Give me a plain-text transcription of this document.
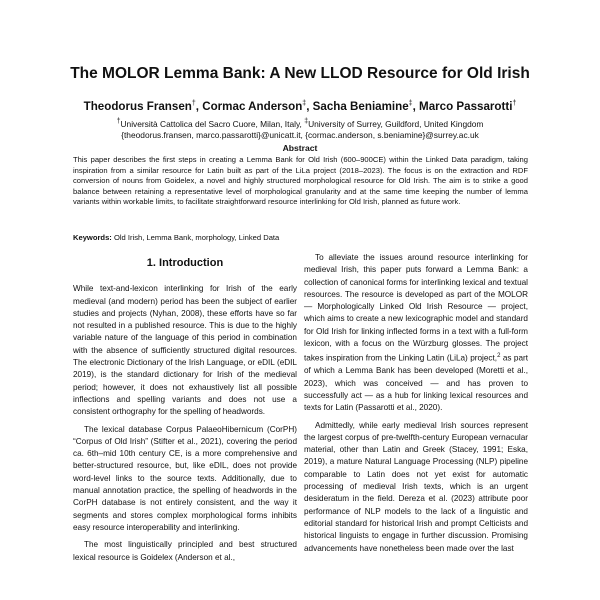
The MOLOR Lemma Bank: A New LLOD Resource for Old Irish
Theodorus Fransen†, Cormac Anderson‡, Sacha Beniamine‡, Marco Passarotti†
†Università Cattolica del Sacro Cuore, Milan, Italy, ‡University of Surrey, Guildford, United Kingdom
{theodorus.fransen, marco.passarotti}@unicatt.it, {cormac.anderson, s.beniamine}@surrey.ac.uk
Abstract
This paper describes the first steps in creating a Lemma Bank for Old Irish (600–900CE) within the Linked Data paradigm, taking inspiration from a similar resource for Latin built as part of the LiLa project (2018–2023). The focus is on the extraction and RDF conversion of nouns from Goidelex, a novel and highly structured morphological resource for Old Irish. The aim is to strike a good balance between retaining a representative level of morphological granularity and at the same time keeping the number of lemma variants within workable limits, to facilitate straightforward resource interlinking for Old Irish, planned as future work.
Keywords: Old Irish, Lemma Bank, morphology, Linked Data
1. Introduction

While text-and-lexicon interlinking for Irish of the early medieval (and modern) period has been the subject of earlier studies and projects (Nyhan, 2008), these efforts have so far not resulted in a published resource. This is due to the highly variable nature of the language of this period in combination with the absence of sufficiently structured digital resources. The electronic Dictionary of the Irish Language, or eDIL (eDIL 2019), is the standard dictionary for Irish of the medieval period; however, it does not exhaustively list all possible inflections and spelling variants and does not use a consistent orthography for the spelling of headwords.

The lexical database Corpus PalaeoHibernicum (CorPH) “Corpus of Old Irish” (Stifter et al., 2021), covering the period ca. 6th–mid 10th century CE, is a more comprehensive and better-structured resource, but, like eDIL, does not provide word-level links to the source texts. Additionally, due to manual annotation practice, the spelling of headwords in the CorPH database is not entirely consistent, and the way it segments and stores complex morphological forms inhibits easy resource interoperability and interlinking.

The most linguistically principled and best structured lexical resource is Goidelex (Anderson et al.,

To alleviate the issues around resource interlinking for medieval Irish, this paper puts forward a Lemma Bank: a collection of canonical forms for interlinking lexical and textual resources. The resource is developed as part of the MOLOR — Morphologically Linked Old Irish Resource — project, which aims to create a new lexicographic model and standard for Old Irish for linking inflected forms in a text with a full-form lexicon, with a focus on the Würzburg glosses. The project takes inspiration from the Linking Latin (LiLa) project,$^2$ as part of which a Lemma Bank has been developed (Moretti et al., 2023), which was conceived — and has proven to successfully act — as a hub for linking lexical resources and texts for Latin (Passarotti et al., 2020).

Admittedly, while early medieval Irish sources represent the largest corpus of pre-twelfth-century European vernacular material, other than Latin and Greek (Stacey, 1991; Eska, 2019), a mature Natural Language Processing (NLP) pipeline comparable to Latin does not yet exist for automatic processing of medieval Irish texts, which is an urgent desideratum in the field. Dereza et al. (2023) attribute poor performance of NLP models to the lack of a linguistic and editorial standard for historical Irish and prompt Celticists and historical linguists to engage in further discussion. Promising advancements have nonetheless been made over the last
